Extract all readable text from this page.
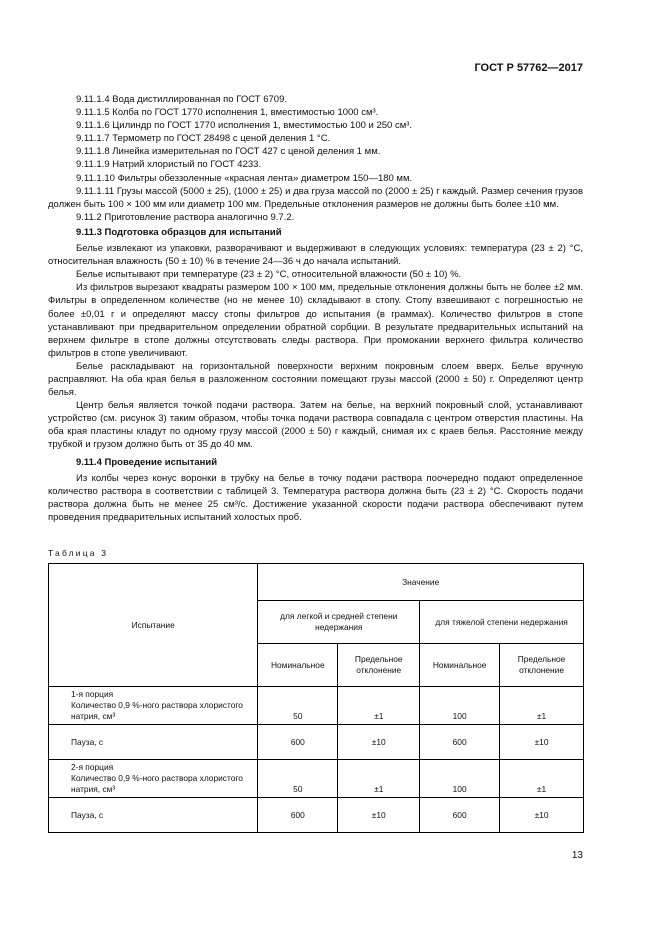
ГОСТ Р 57762—2017
9.11.1.4 Вода дистиллированная по ГОСТ 6709.
9.11.1.5 Колба по ГОСТ 1770 исполнения 1, вместимостью 1000 см³.
9.11.1.6 Цилиндр по ГОСТ 1770 исполнения 1, вместимостью 100 и 250 см³.
9.11.1.7 Термометр по ГОСТ 28498 с ценой деления 1 °С.
9.11.1.8 Линейка измерительная по ГОСТ 427 с ценой деления 1 мм.
9.11.1.9 Натрий хлористый по ГОСТ 4233.
9.11.1.10 Фильтры обеззоленные «красная лента» диаметром 150—180 мм.

9.11.1.11 Грузы массой (5000 ± 25), (1000 ± 25) и два груза массой по (2000 ± 25) г каждый. Размер сечения грузов должен быть 100 × 100 мм или диаметр 100 мм. Предельные отклонения размеров не должны быть более ±10 мм.

9.11.2 Приготовление раствора аналогично 9.7.2.
9.11.3 Подготовка образцов для испытаний

Белье извлекают из упаковки, разворачивают и выдерживают в следующих условиях: температура (23 ± 2) °С, относительная влажность (50 ± 10) % в течение 24—36 ч до начала испытаний.

Белье испытывают при температуре (23 ± 2) °С, относительной влажности (50 ± 10) %.

Из фильтров вырезают квадраты размером 100 × 100 мм, предельные отклонения должны быть не более ±2 мм. Фильтры в определенном количестве (но не менее 10) складывают в стопу. Стопу взвешивают с погрешностью не более ±0,01 г и определяют массу стопы фильтров до испытания (в граммах). Количество фильтров в стопе устанавливают при предварительном определении обратной сорбции. В результате предварительных испытаний на верхнем фильтре в стопе должны отсутствовать следы раствора. При промокании верхнего фильтра количество фильтров в стопе увеличивают.

Белье раскладывают на горизонтальной поверхности верхним покровным слоем вверх. Белье вручную расправляют. На оба края белья в разложенном состоянии помещают грузы массой (2000 ± 50) г. Определяют центр белья.

Центр белья является точкой подачи раствора. Затем на белье, на верхний покровный слой, устанавливают устройство (см. рисунок 3) таким образом, чтобы точка подачи раствора совпадала с центром отверстия пластины. На оба края пластины кладут по одному грузу массой (2000 ± 50) г каждый, снимая их с краев белья. Расстояние между трубкой и грузом должно быть от 35 до 40 мм.

9.11.4 Проведение испытаний

Из колбы через конус воронки в трубку на белье в точку подачи раствора поочередно подают определенное количество раствора в соответствии с таблицей 3. Температура раствора должна быть (23 ± 2) °С. Скорость подачи раствора должна быть не менее 25 см³/с. Достижение указанной скорости подачи раствора обеспечивают путем проведения предварительных испытаний холостых проб.

Таблица 3
Испытание	Значение			
	для легкой и средней степени недержания		для тяжелой степени недержания	
	Номинальное	Предельное отклонение	Номинальное	Предельное отклонение

1-я порция
Количество 0,9 %-ного раствора хлористого натрия, см³	50	±1	100	±1
Пауза, с	600	±10	600	±10

2-я порция
Количество 0,9 %-ного раствора хлористого натрия, см³	50	±1	100	±1
Пауза, с	600	±10	600	±10
13
